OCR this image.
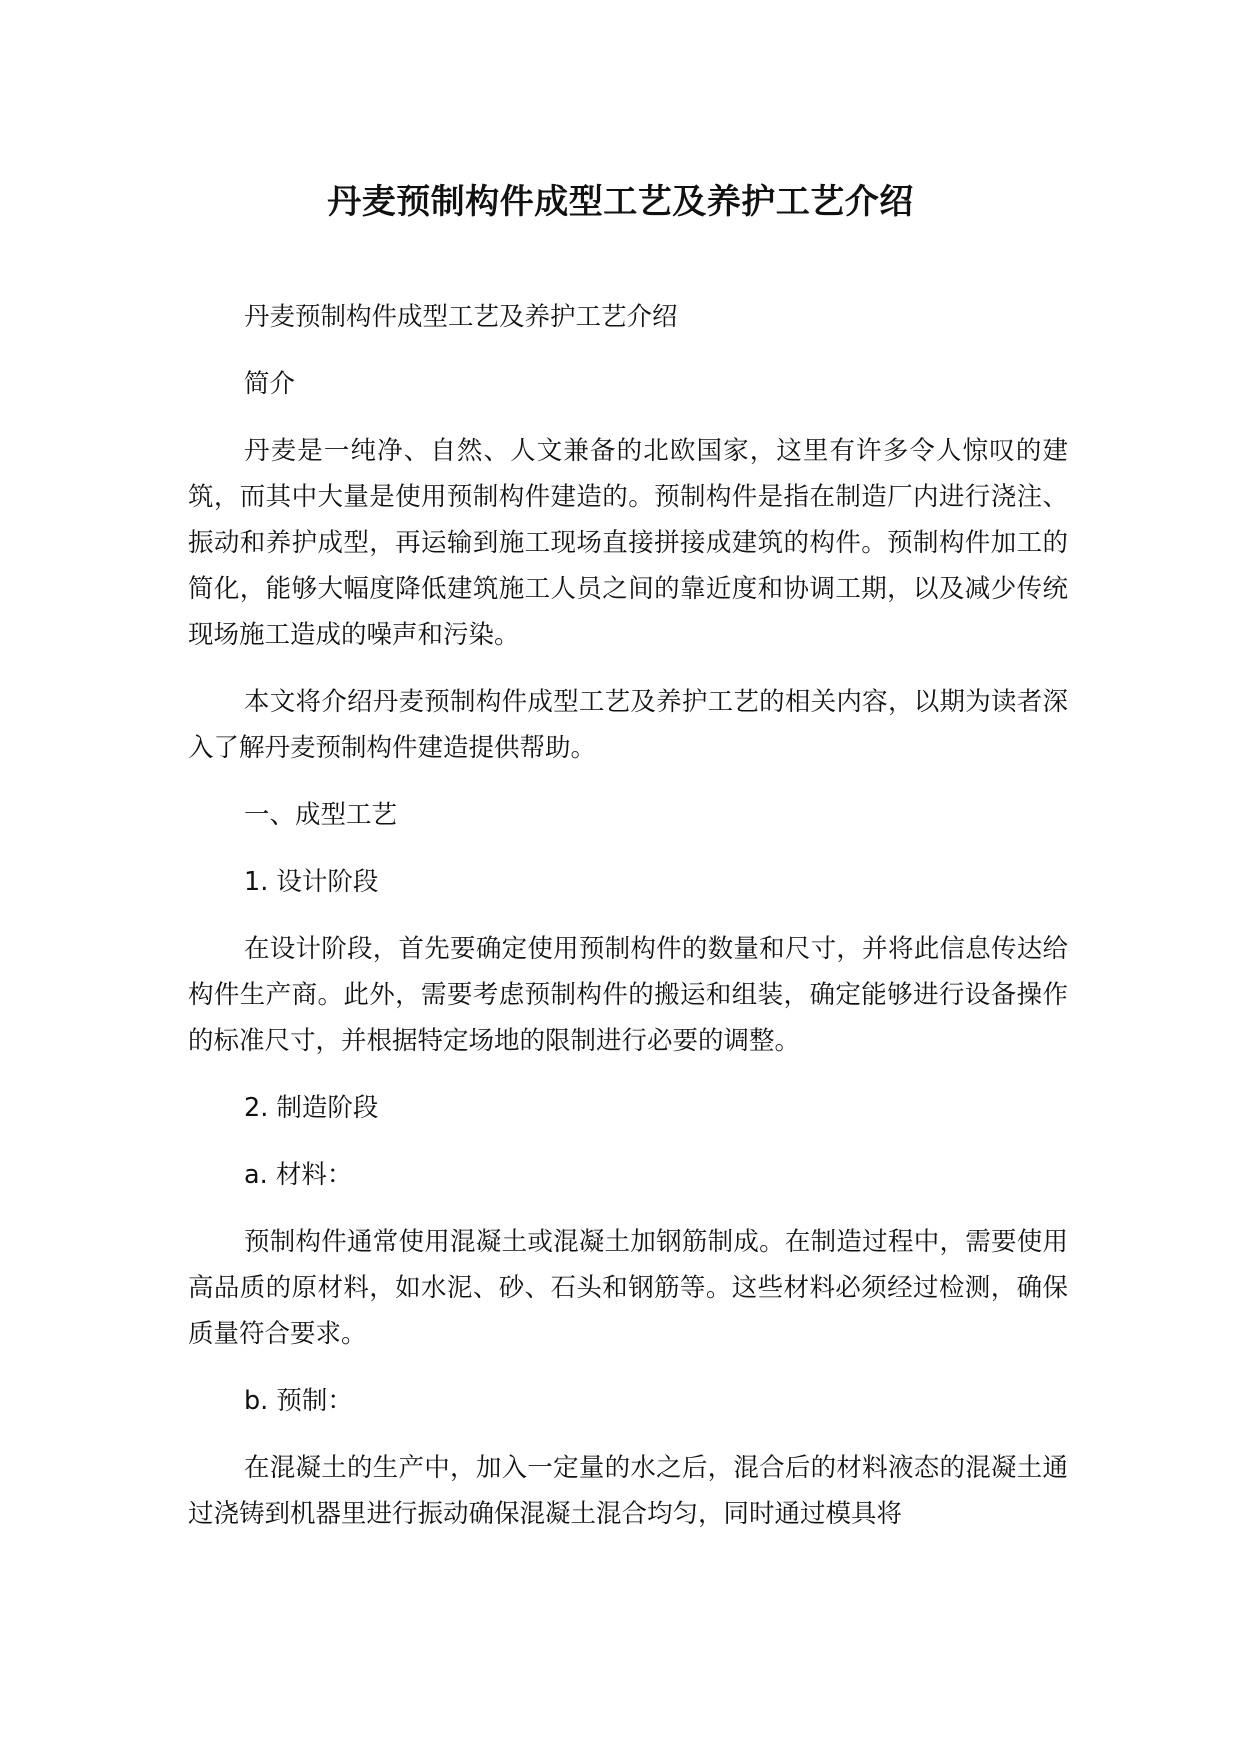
丹麦预制构件成型工艺及养护工艺介绍

丹麦预制构件成型工艺及养护工艺介绍

简介

丹麦是一纯净、自然、人文兼备的北欧国家，这里有许多令人惊叹的建筑，而其中大量是使用预制构件建造的。预制构件是指在制造厂内进行浇注、振动和养护成型，再运输到施工现场直接拼接成建筑的构件。预制构件加工的简化，能够大幅度降低建筑施工人员之间的靠近度和协调工期，以及减少传统现场施工造成的噪声和污染。

本文将介绍丹麦预制构件成型工艺及养护工艺的相关内容，以期为读者深入了解丹麦预制构件建造提供帮助。

一、成型工艺

1. 设计阶段

在设计阶段，首先要确定使用预制构件的数量和尺寸，并将此信息传达给构件生产商。此外，需要考虑预制构件的搬运和组装，确定能够进行设备操作的标准尺寸，并根据特定场地的限制进行必要的调整。

2. 制造阶段

a. 材料：

预制构件通常使用混凝土或混凝土加钢筋制成。在制造过程中，需要使用高品质的原材料，如水泥、砂、石头和钢筋等。这些材料必须经过检测，确保质量符合要求。

b. 预制：

在混凝土的生产中，加入一定量的水之后，混合后的材料液态的混凝土通过浇铸到机器里进行振动确保混凝土混合均匀，同时通过模具将
